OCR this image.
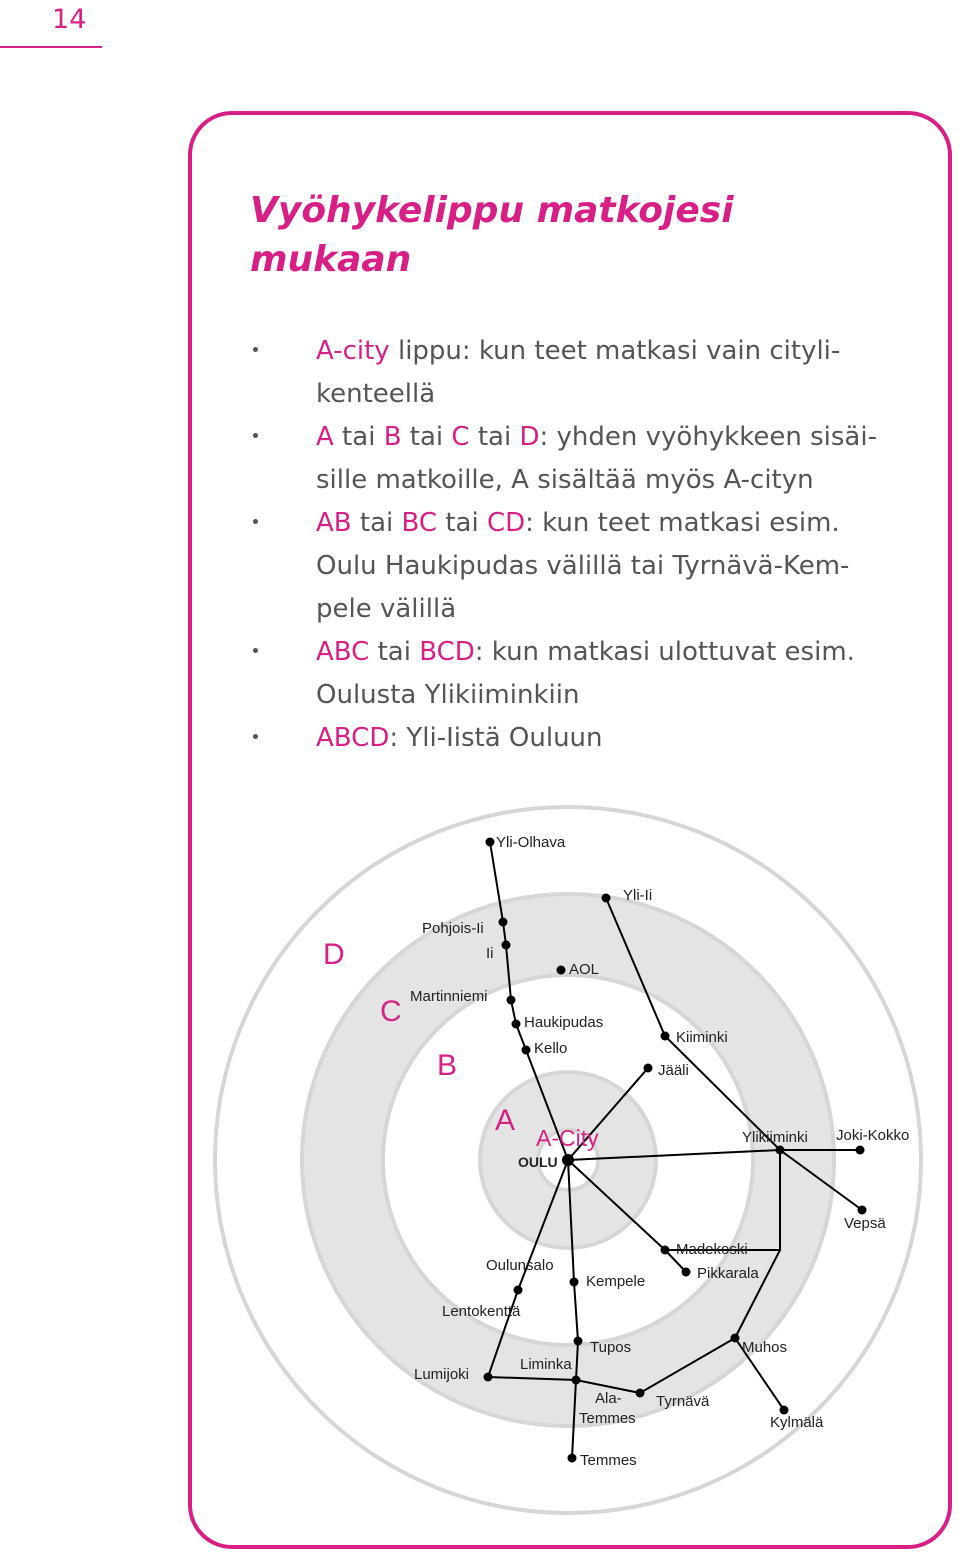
14
Vyöhykelippu matkojesi
mukaan
A-city lippu: kun teet matkasi vain cityli-
kenteellä
A tai B tai C tai D: yhden vyöhykkeen sisäi-
sille matkoille, A sisältää myös A-cityn
AB tai BC tai CD: kun teet matkasi esim.
Oulu Haukipudas välillä tai Tyrnävä-Kem-
pele välillä
ABC tai BCD: kun matkasi ulottuvat esim.
Oulusta Ylikiiminkiin
ABCD: Yli-Iistä Ouluun
D
C
B
A
A-City
Yli-Olhava
Yli-Ii
Pohjois-Ii
Ii
AOL
Martinniemi
Haukipudas
Kello
Kiiminki
Jääli
OULU
Ylikiiminki Joki-Kokko
Vepsä
Madekoski
Pikkarala
Oulunsalo
Kempele
Lentokenttä
Tupos	Muhos
Lumijoki
Liminka
Ala-
Temmes
Tyrnävä
Kylmälä
Temmes
